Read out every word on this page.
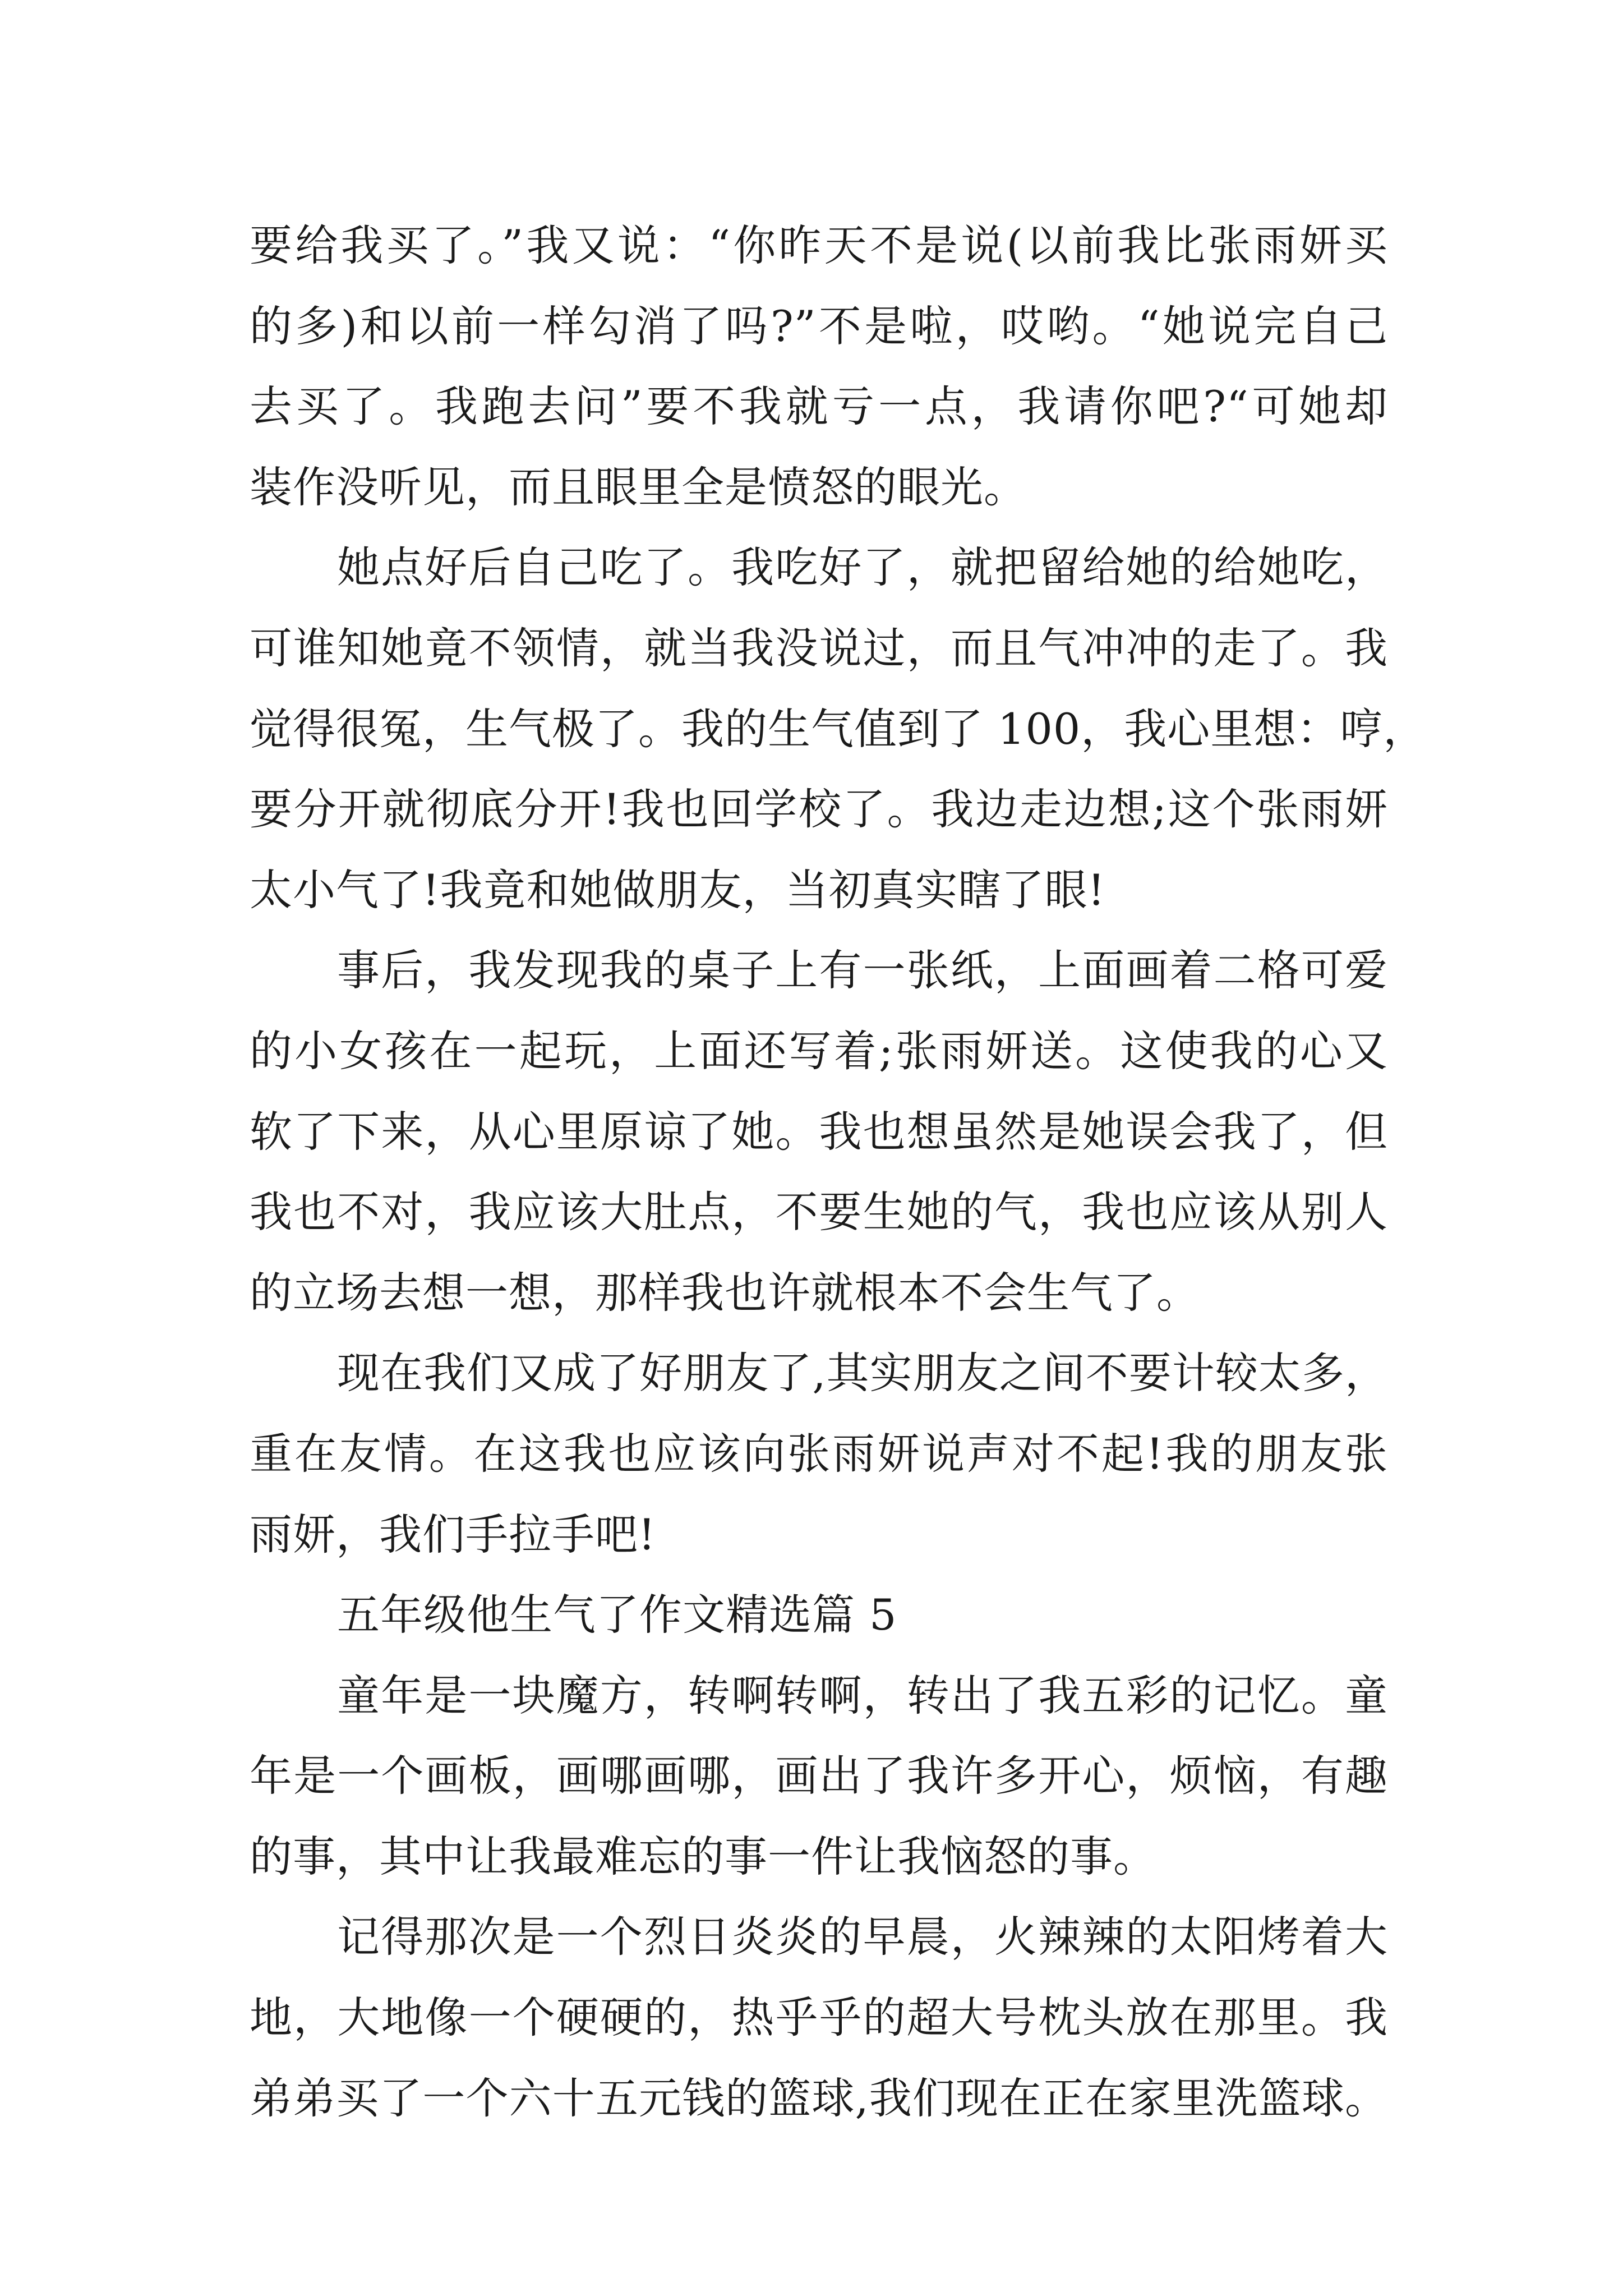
要给我买了。”我又说：“你昨天不是说(以前我比张雨妍买
的多)和以前一样勾消了吗?”不是啦，哎哟。“她说完自己
去买了。我跑去问”要不我就亏一点，我请你吧?“可她却
装作没听见，而且眼里全是愤怒的眼光。
她点好后自己吃了。我吃好了，就把留给她的给她吃，
可谁知她竟不领情，就当我没说过，而且气冲冲的走了。我
觉得很冤，生气极了。我的生气值到了 100，我心里想：哼，
要分开就彻底分开!我也回学校了。我边走边想;这个张雨妍
太小气了!我竟和她做朋友，当初真实瞎了眼!
事后，我发现我的桌子上有一张纸，上面画着二格可爱
的小女孩在一起玩，上面还写着;张雨妍送。这使我的心又
软了下来，从心里原谅了她。我也想虽然是她误会我了，但
我也不对，我应该大肚点，不要生她的气，我也应该从别人
的立场去想一想，那样我也许就根本不会生气了。
现在我们又成了好朋友了,其实朋友之间不要计较太多，
重在友情。在这我也应该向张雨妍说声对不起!我的朋友张
雨妍，我们手拉手吧!
五年级他生气了作文精选篇 5
童年是一块魔方，转啊转啊，转出了我五彩的记忆。童
年是一个画板，画哪画哪，画出了我许多开心，烦恼，有趣
的事，其中让我最难忘的事一件让我恼怒的事。
记得那次是一个烈日炎炎的早晨，火辣辣的太阳烤着大
地，大地像一个硬硬的，热乎乎的超大号枕头放在那里。我
弟弟买了一个六十五元钱的篮球,我们现在正在家里洗篮球。
